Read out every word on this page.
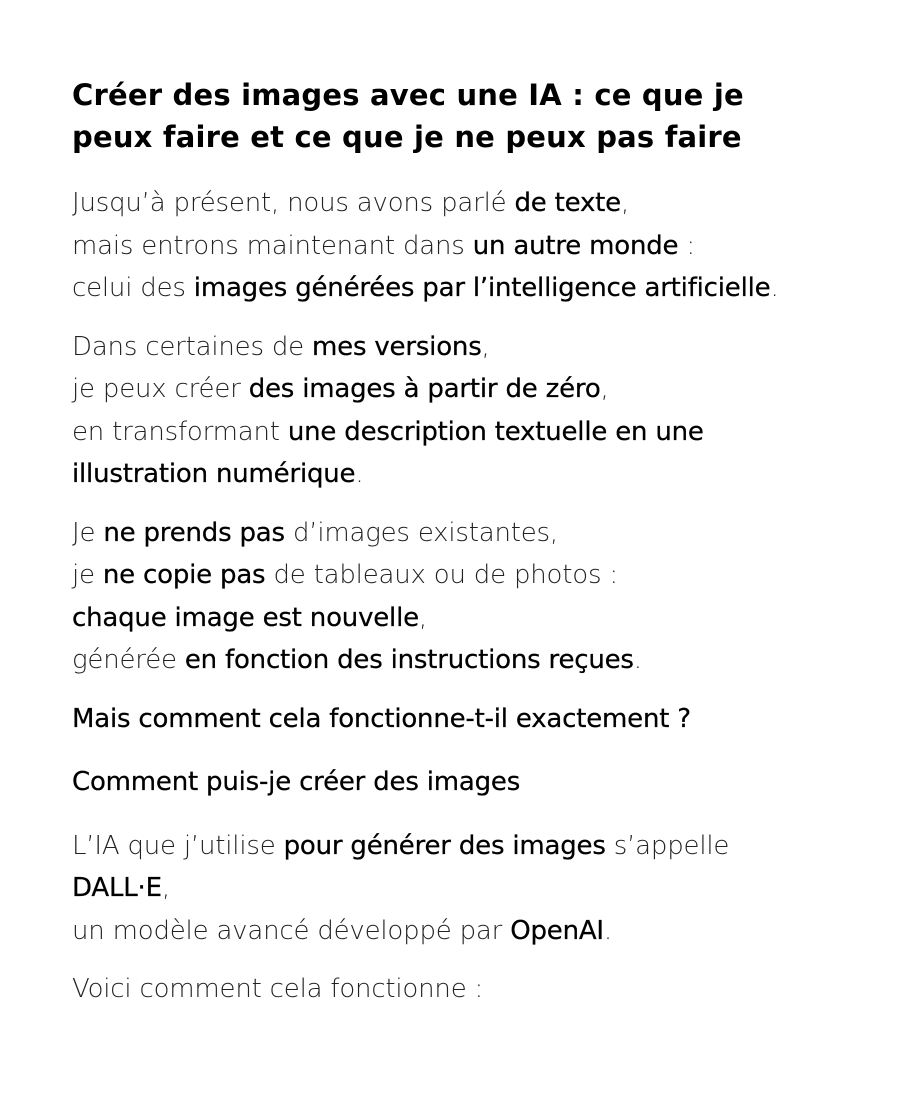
Créer des images avec une IA : ce que je
peux faire et ce que je ne peux pas faire

Jusqu’à présent, nous avons parlé de texte,
mais entrons maintenant dans un autre monde :
celui des images générées par l’intelligence artificielle.

Dans certaines de mes versions,
je peux créer des images à partir de zéro,
en transformant une description textuelle en une
illustration numérique.

Je ne prends pas d’images existantes,
je ne copie pas de tableaux ou de photos :
chaque image est nouvelle,
générée en fonction des instructions reçues.

Mais comment cela fonctionne-t-il exactement ?

Comment puis-je créer des images

L’IA que j’utilise pour générer des images s’appelle
DALL·E,
un modèle avancé développé par OpenAI.

Voici comment cela fonctionne :
